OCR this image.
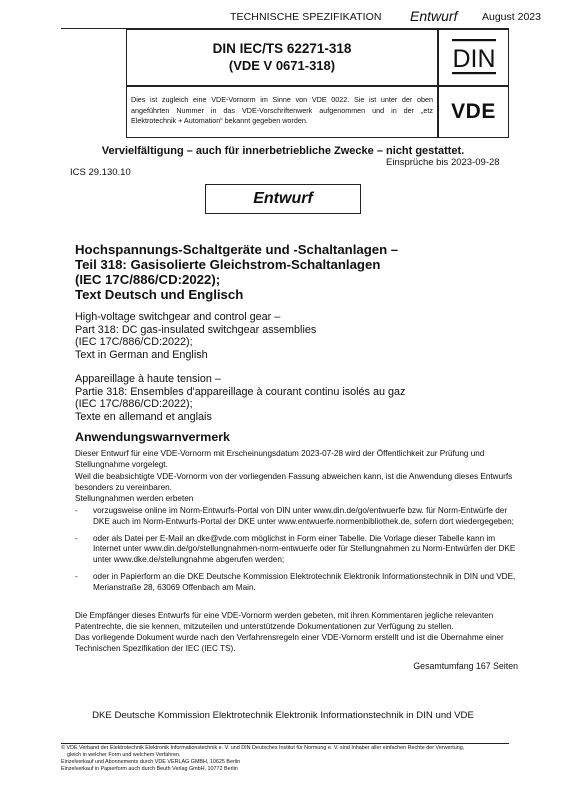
TECHNISCHE SPEZIFIKATION Entwurf August 2023
DIN IEC/TS 62271-318
(VDE V 0671-318)	DIN
Dies ist zugleich eine VDE-Vornorm im Sinne von VDE 0022. Sie ist unter der oben angeführten Nummer in das VDE-Vorschriftenwerk aufgenommen und in der „etz Elektrotechnik + Automation“ bekannt gegeben worden.	VDE
Vervielfältigung – auch für innerbetriebliche Zwecke – nicht gestattet.
Einsprüche bis 2023-09-28
ICS 29.130.10
Entwurf
Hochspannungs-Schaltgeräte und -Schaltanlagen –
Teil 318: Gasisolierte Gleichstrom-Schaltanlagen
(IEC 17C/886/CD:2022);
Text Deutsch und Englisch
High-voltage switchgear and control gear –
Part 318: DC gas-insulated switchgear assemblies
(IEC 17C/886/CD:2022);
Text in German and English
Appareillage à haute tension –
Partie 318: Ensembles d'appareillage à courant continu isolés au gaz
(IEC 17C/886/CD:2022);
Texte en allemand et anglais
Anwendungswarnvermerk
Dieser Entwurf für eine VDE-Vornorm mit Erscheinungsdatum 2023-07-28 wird der Öffentlichkeit zur Prüfung und Stellungnahme vorgelegt.
Weil die beabsichtigte VDE-Vornorm von der vorliegenden Fassung abweichen kann, ist die Anwendung dieses Entwurfs besonders zu vereinbaren.
Stellungnahmen werden erbeten
-	vorzugsweise online im Norm-Entwurfs-Portal von DIN unter www.din.de/go/entwuerfe bzw. für Norm-Entwürfe der DKE auch im Norm-Entwurfs-Portal der DKE unter www.entwuerfe.normenbibliothek.de, sofern dort wiedergegeben;
-	oder als Datei per E-Mail an dke@vde.com möglichst in Form einer Tabelle. Die Vorlage dieser Tabelle kann im Internet unter www.din.de/go/stellungnahmen-norm-entwuerfe oder für Stellungnahmen zu Norm-Entwürfen der DKE unter www.dke.de/stellungnahme abgerufen werden;
-	oder in Papierform an die DKE Deutsche Kommission Elektrotechnik Elektronik Informationstechnik in DIN und VDE, Merianstraße 28, 63069 Offenbach am Main.
Die Empfänger dieses Entwurfs für eine VDE-Vornorm werden gebeten, mit ihren Kommentaren jegliche relevanten Patentrechte, die sie kennen, mitzuteilen und unterstützende Dokumentationen zur Verfügung zu stellen.
Das vorliegende Dokument wurde nach den Verfahrensregeln einer VDE-Vornorm erstellt und ist die Übernahme einer Technischen Spezifikation der IEC (IEC TS).
Gesamtumfang 167 Seiten
DKE Deutsche Kommission Elektrotechnik Elektronik Informationstechnik in DIN und VDE
© VDE Verband der Elektrotechnik Elektronik Informationstechnik e. V. und DIN Deutsches Institut für Normung e. V. sind Inhaber aller einfachen Rechte der Verwertung,
gleich in welcher Form und welchem Verfahren.
Einzelverkauf und Abonnements durch VDE VERLAG GMBH, 10625 Berlin
Einzelverkauf in Papierform auch durch Beuth Verlag GmbH, 10772 Berlin
